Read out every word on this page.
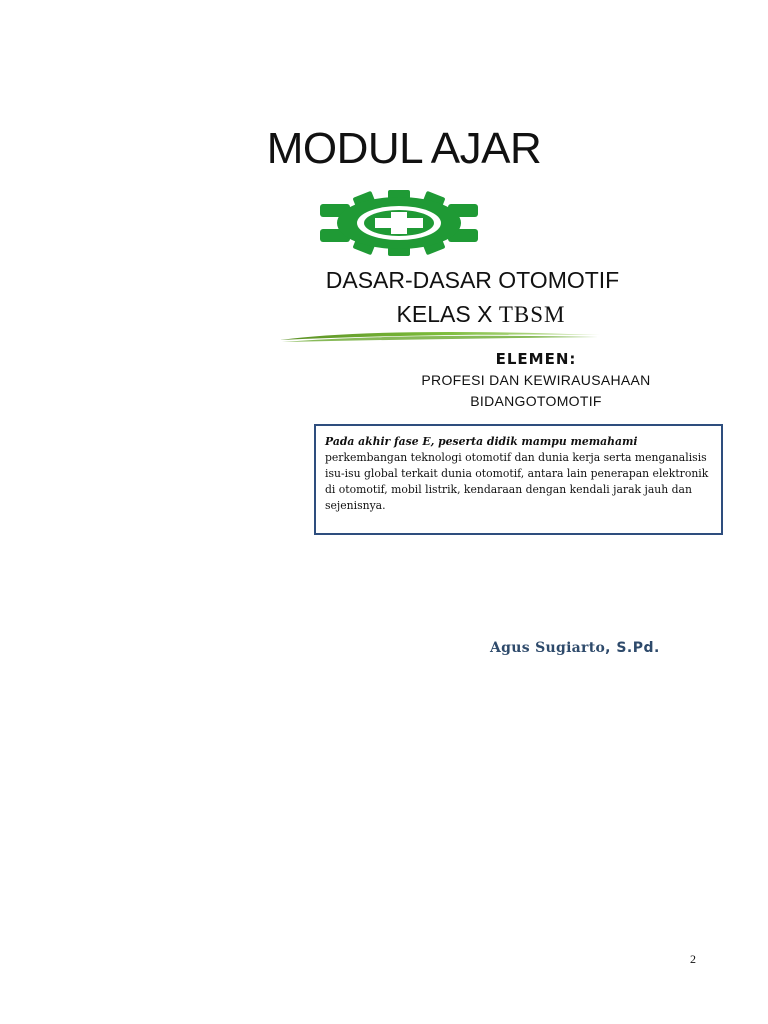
MODUL AJAR
DASAR-DASAR OTOMOTIF
KELAS X TBSM
ELEMEN:
PROFESI DAN KEWIRAUSAHAAN
BIDANGOTOMOTIF
Pada akhir fase E, peserta didik mampu memahami perkembangan teknologi otomotif dan dunia kerja serta menganalisis isu-isu global terkait dunia otomotif, antara lain penerapan elektronik di otomotif, mobil listrik, kendaraan dengan kendali jarak jauh dan sejenisnya.
Agus Sugiarto, S.Pd.
2
